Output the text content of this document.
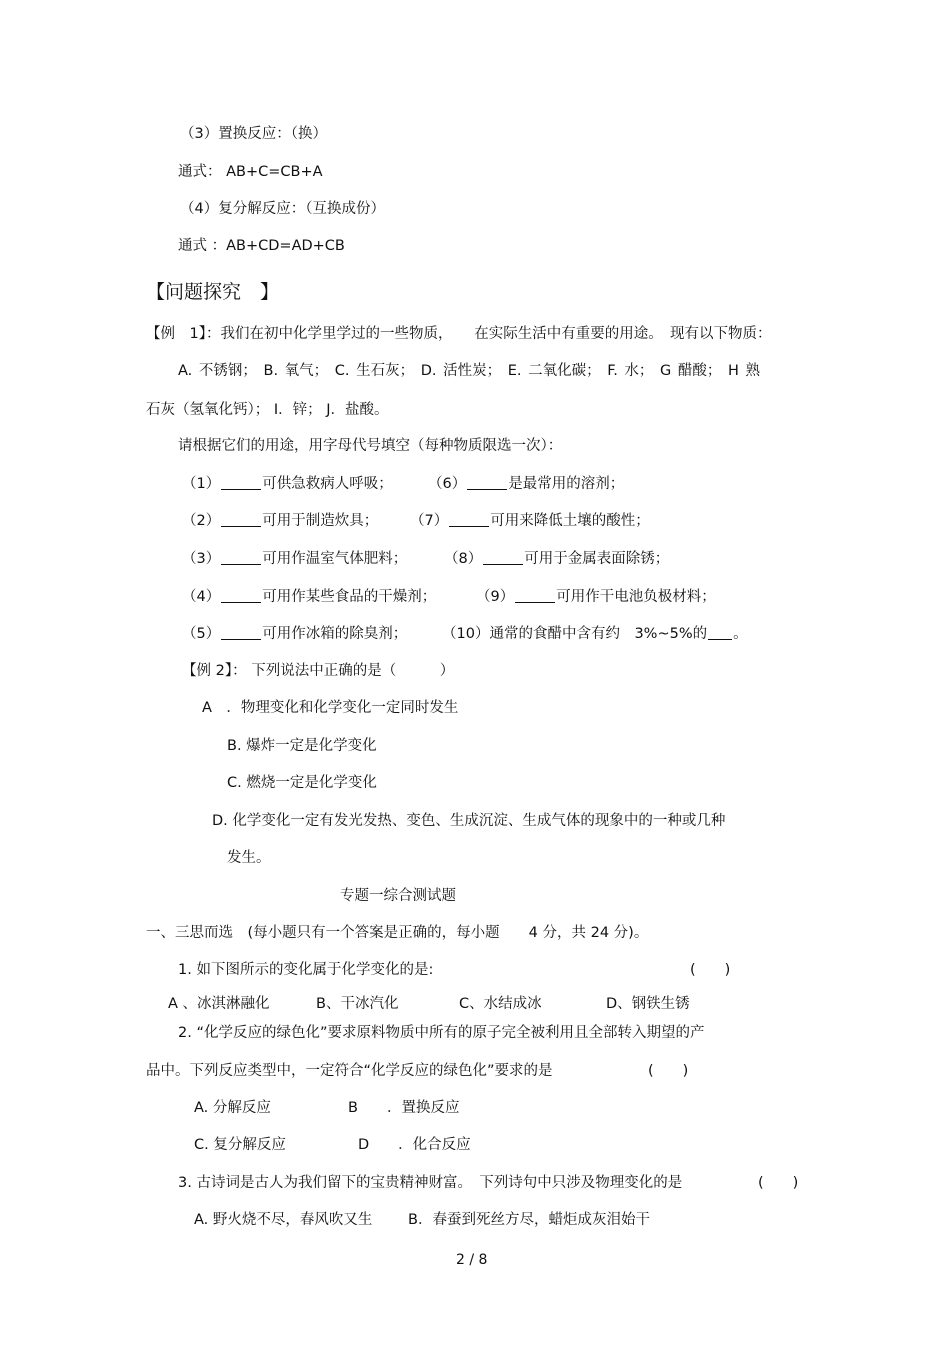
（3）置换反应：（换）
通式： AB+C=CB+A
（4）复分解反应：（互换成份）
通式 ：AB+CD=AD+CB
【问题探究　】
【例　1】：我们在初中化学里学过的一些物质，　　在实际生活中有重要的用途。　现有以下物质：
A. 不锈钢； B. 氧气； C. 生石灰； D. 活性炭； E. 二氧化碳； F. 水； G 醋酸； H 熟
石灰（氢氧化钙）； I．锌； J．盐酸。
请根据它们的用途，用字母代号填空（每种物质限选一次）：
（1）	可供急救病人呼吸； （6）	是最常用的溶剂；
（2）	可用于制造炊具； （7）	可用来降低土壤的酸性；
（3）	可用作温室气体肥料；	（8）	可用于金属表面除锈；
（4）	可用作某些食品的干燥剂；	（9）	可用作干电池负极材料；
（5）	可用作冰箱的除臭剂； （10）通常的食醋中含有约　3%~5%的 。
【例 2】： 下列说法中正确的是（　　　）
A　．物理变化和化学变化一定同时发生
B. 爆炸一定是化学变化
C. 燃烧一定是化学变化
D. 化学变化一定有发光发热、变色、生成沉淀、生成气体的现象中的一种或几种
发生。
专题一综合测试题
一、三思而选　(每小题只有一个答案是正确的，每小题　　4 分，共 24 分)。
1. 如下图所示的变化属于化学变化的是:	(　　)
A 、冰淇淋融化	B、干冰汽化	C、水结成冰	D、钢铁生锈
2. “化学反应的绿色化”要求原料物质中所有的原子完全被利用且全部转入期望的产
品中。下列反应类型中，一定符合“化学反应的绿色化”要求的是	(　　)
A. 分解反应	B　　．置换反应
C. 复分解反应	D　　．化合反应
3. 古诗词是古人为我们留下的宝贵精神财富。　下列诗句中只涉及物理变化的是	(　　)
A. 野火烧不尽，春风吹又生 B．春蚕到死丝方尽，蜡炬成灰泪始干
2 / 8
